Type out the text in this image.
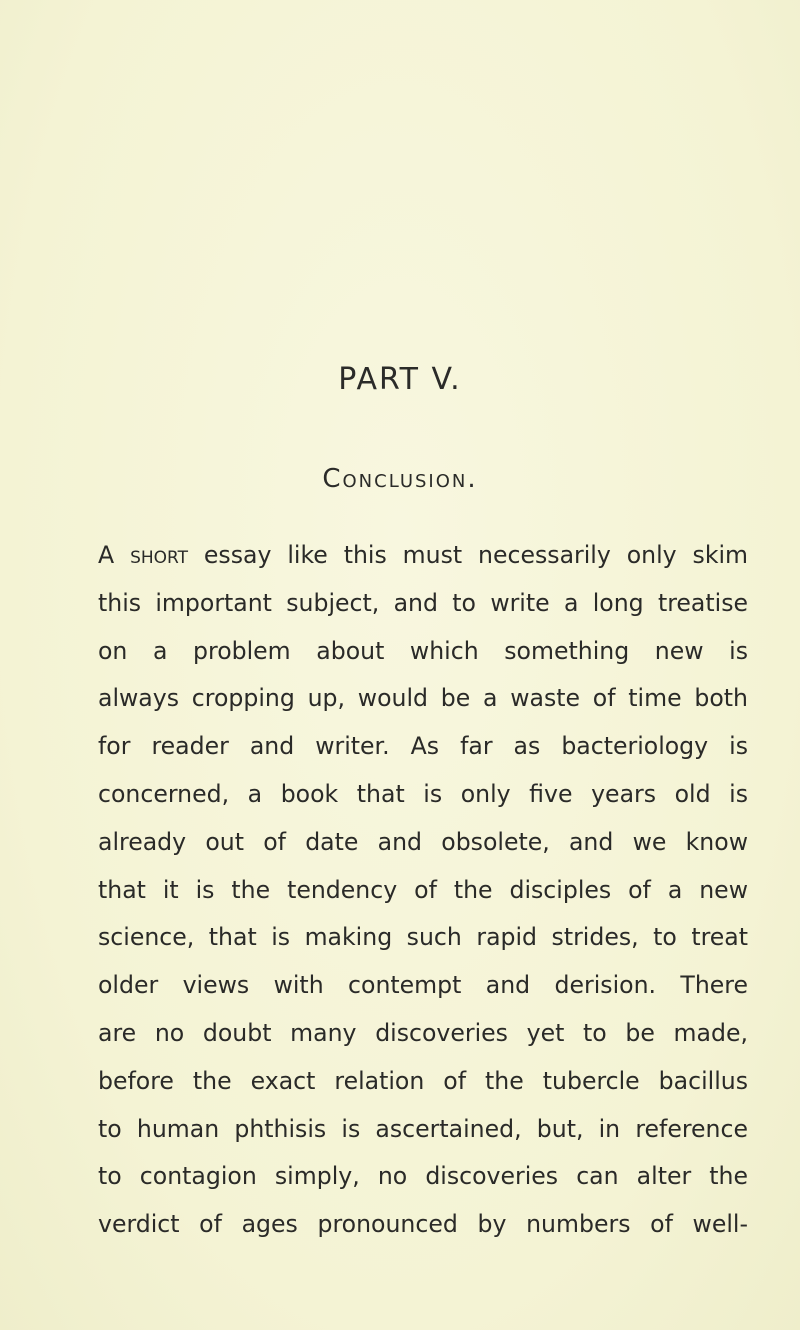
PART V.
Conclusion.
A short essay like this must necessarily only skim
this important subject, and to write a long treatise
on a problem about which something new is
always cropping up, would be a waste of time both
for reader and writer. As far as bacteriology is
concerned, a book that is only five years old is
already out of date and obsolete, and we know
that it is the tendency of the disciples of a new
science, that is making such rapid strides, to treat
older views with contempt and derision. There
are no doubt many discoveries yet to be made,
before the exact relation of the tubercle bacillus
to human phthisis is ascertained, but, in reference
to contagion simply, no discoveries can alter the
verdict of ages pronounced by numbers of well-
